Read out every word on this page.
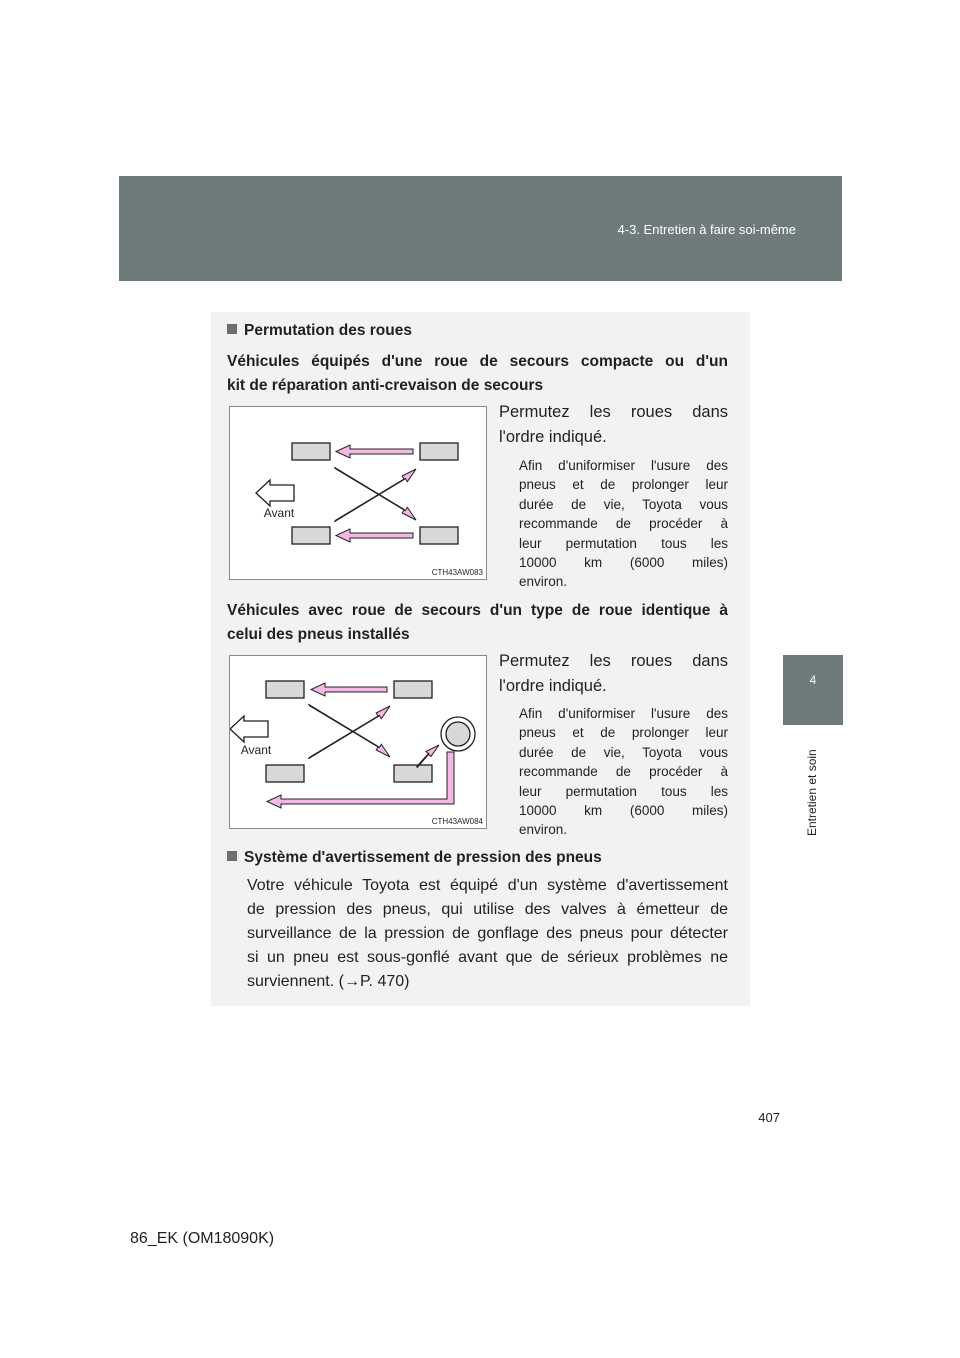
4-3. Entretien à faire soi-même
4
Entretien et soin
Permutation des roues
Véhicules équipés d'une roue de secours compacte ou d'un
kit de réparation anti-crevaison de secours
Avant
CTH43AW083
Permutez les roues dans
l'ordre indiqué.
Afin d'uniformiser l'usure des
pneus et de prolonger leur
durée de vie, Toyota vous
recommande de procéder à
leur permutation tous les
10000 km (6000 miles)
environ.
Véhicules avec roue de secours d'un type de roue identique à
celui des pneus installés
Avant
CTH43AW084
Permutez les roues dans
l'ordre indiqué.
Afin d'uniformiser l'usure des
pneus et de prolonger leur
durée de vie, Toyota vous
recommande de procéder à
leur permutation tous les
10000 km (6000 miles)
environ.
Système d'avertissement de pression des pneus
Votre véhicule Toyota est équipé d'un système d'avertissement
de pression des pneus, qui utilise des valves à émetteur de
surveillance de la pression de gonflage des pneus pour détecter
si un pneu est sous-gonflé avant que de sérieux problèmes ne
surviennent. (→P. 470)
407
86_EK (OM18090K)
